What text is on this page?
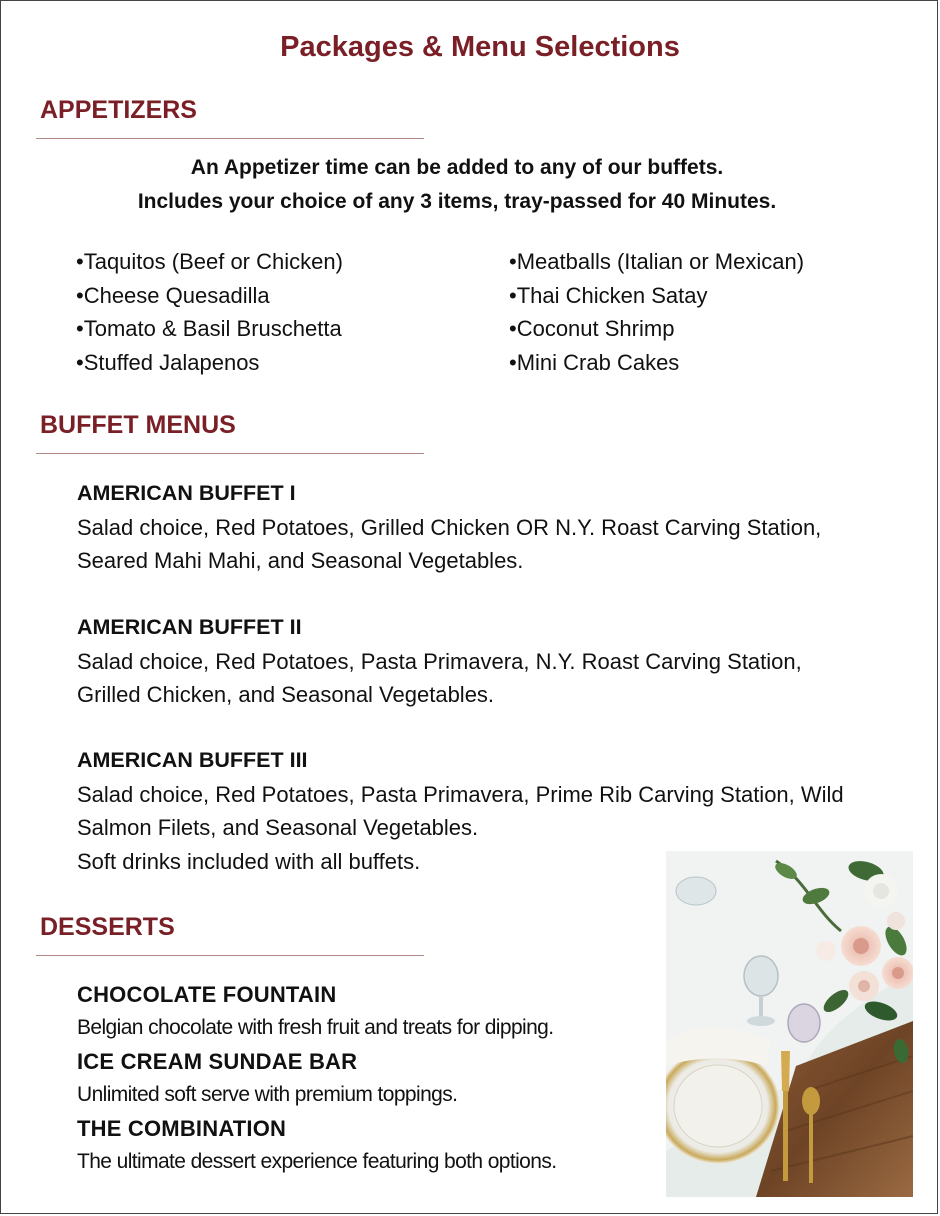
Packages & Menu Selections
APPETIZERS
An Appetizer time can be added to any of our buffets.
Includes your choice of any 3 items, tray-passed for 40 Minutes.
•Taquitos (Beef or Chicken)
•Cheese Quesadilla
•Tomato & Basil Bruschetta
•Stuffed Jalapenos
•Meatballs (Italian or Mexican)
•Thai Chicken Satay
•Coconut Shrimp
•Mini Crab Cakes
BUFFET MENUS
AMERICAN BUFFET I
Salad choice, Red Potatoes, Grilled Chicken OR N.Y. Roast Carving Station,
Seared Mahi Mahi, and Seasonal Vegetables.
AMERICAN BUFFET II
Salad choice, Red Potatoes, Pasta Primavera, N.Y. Roast Carving Station,
Grilled Chicken, and Seasonal Vegetables.
AMERICAN BUFFET III
Salad choice, Red Potatoes, Pasta Primavera, Prime Rib Carving Station, Wild
Salmon Filets, and Seasonal Vegetables.
Soft drinks included with all buffets.
DESSERTS
CHOCOLATE FOUNTAIN
Belgian chocolate with fresh fruit and treats for dipping.
ICE CREAM SUNDAE BAR
Unlimited soft serve with premium toppings.
THE COMBINATION
The ultimate dessert experience featuring both options.
